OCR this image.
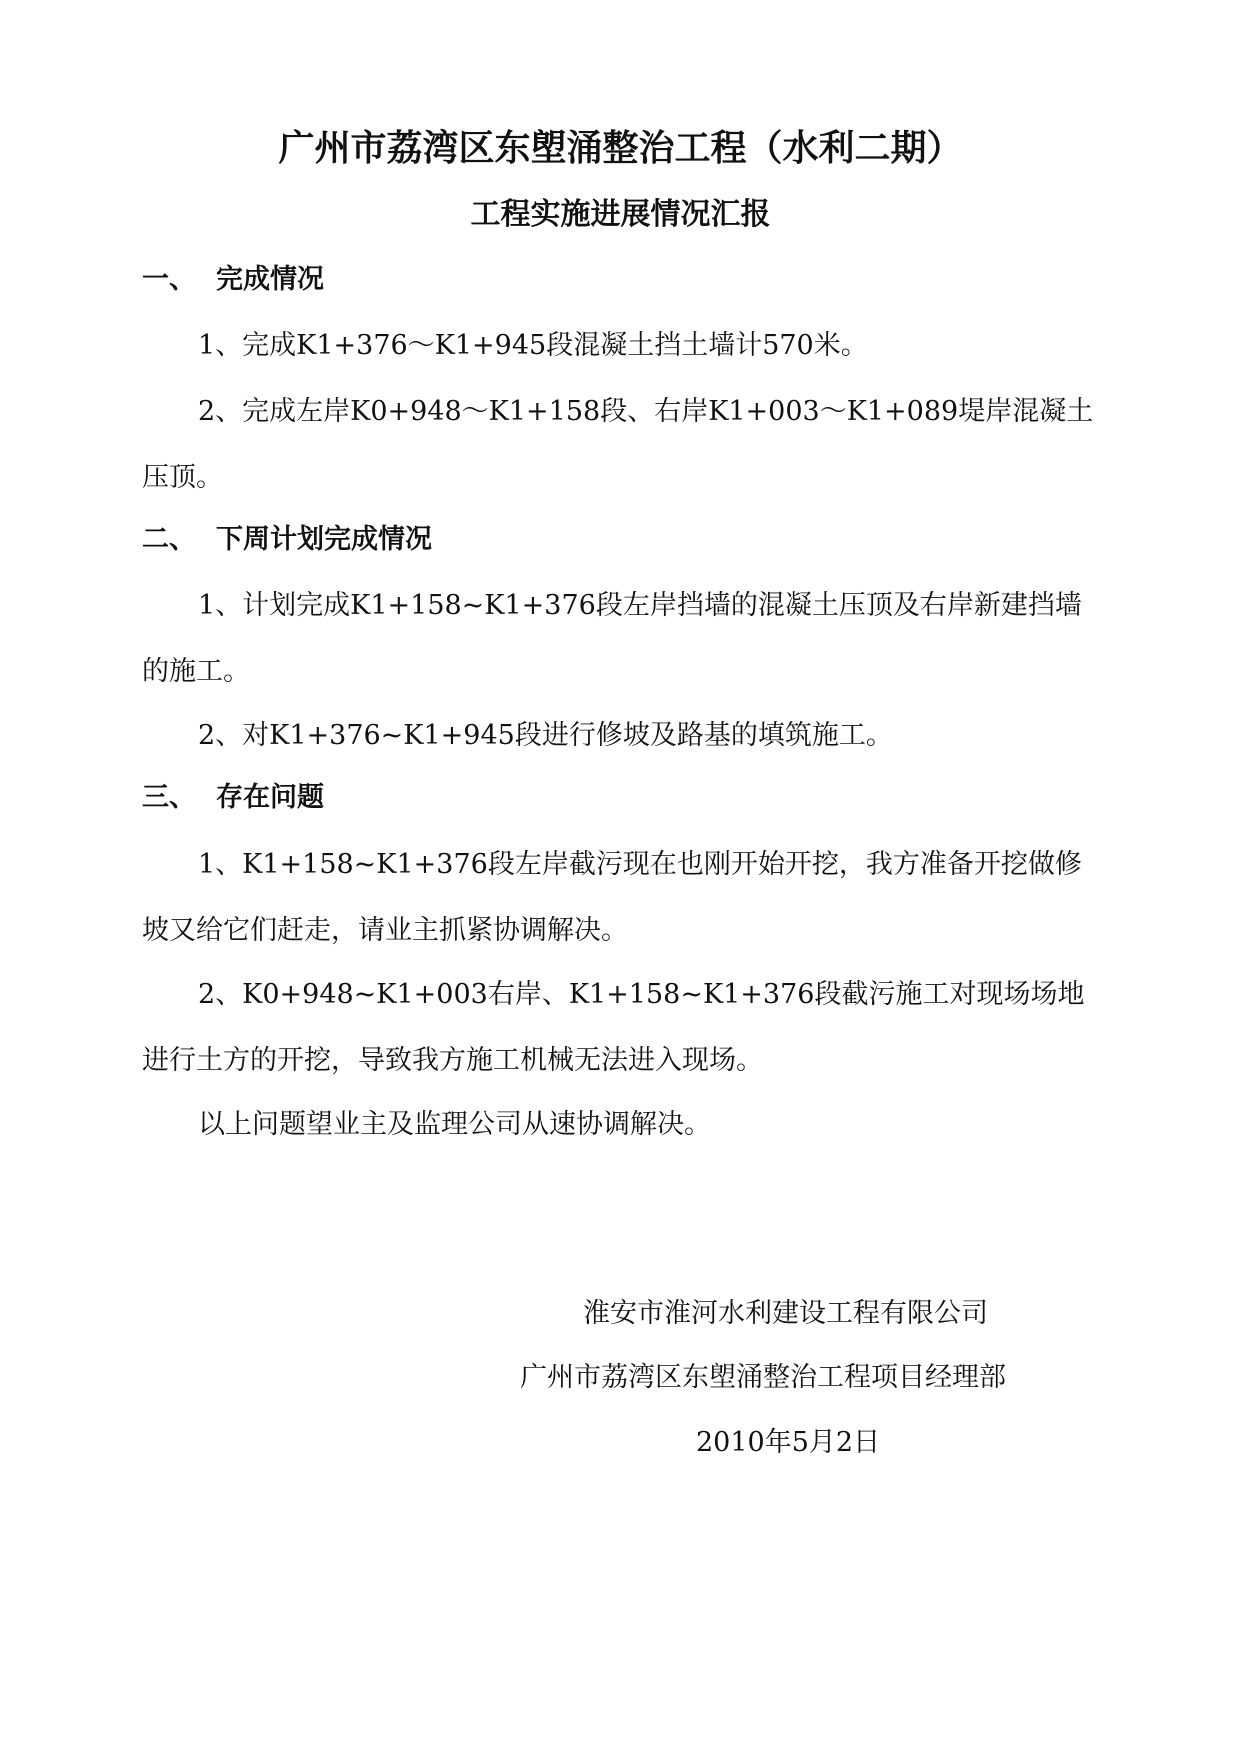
广州市荔湾区东塱涌整治工程（水利二期）
工程实施进展情况汇报
一、 完成情况

1、完成K1+376～K1+945段混凝土挡土墙计570米。

2、完成左岸K0+948～K1+158段、右岸K1+003～K1+089堤岸混凝土压顶。

二、 下周计划完成情况

1、计划完成K1+158~K1+376段左岸挡墙的混凝土压顶及右岸新建挡墙的施工。

2、对K1+376~K1+945段进行修坡及路基的填筑施工。

三、 存在问题

1、K1+158~K1+376段左岸截污现在也刚开始开挖，我方准备开挖做修坡又给它们赶走，请业主抓紧协调解决。

2、K0+948~K1+003右岸、K1+158~K1+376段截污施工对现场场地进行土方的开挖，导致我方施工机械无法进入现场。

以上问题望业主及监理公司从速协调解决。

淮安市淮河水利建设工程有限公司
广州市荔湾区东塱涌整治工程项目经理部
2010年5月2日
